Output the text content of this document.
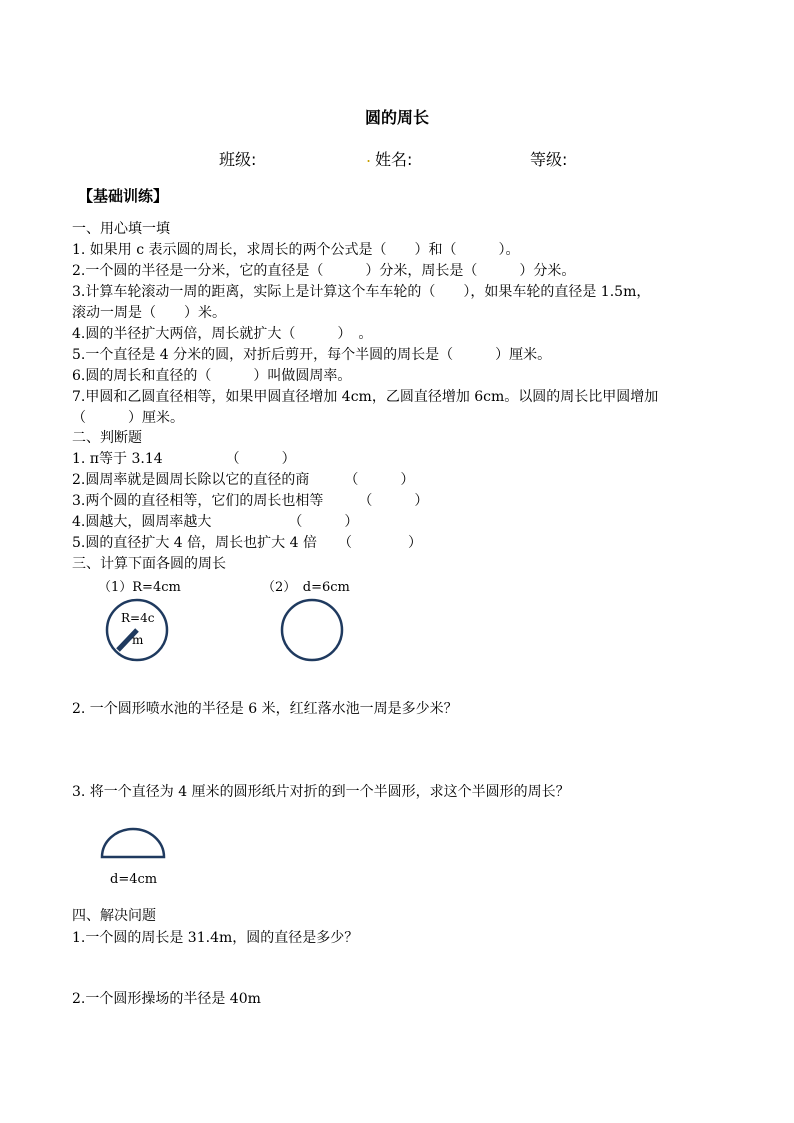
圆的周长
班级:	. 姓名:	等级:
【基础训练】
一、用心填一填
1. 如果用 c 表示圆的周长，求周长的两个公式是（　　）和（　　　）。
2.一个圆的半径是一分米，它的直径是（　　　）分米，周长是（　　　）分米。
3.计算车轮滚动一周的距离，实际上是计算这个车车轮的（　　），如果车轮的直径是 1.5m，
滚动一周是（　　）米。
4.圆的半径扩大两倍，周长就扩大（　　　）　。
5.一个直径是 4 分米的圆，对折后剪开，每个半圆的周长是（　　　）厘米。
6.圆的周长和直径的（　　　）叫做圆周率。
7.甲圆和乙圆直径相等，如果甲圆直径增加 4cm，乙圆直径增加 6cm。以圆的周长比甲圆增加
（　　　）厘米。
二、判断题
1. π等于 3.14　　　　　（　　　）
2.圆周率就是圆周长除以它的直径的商　　　（　　　）
3.两个圆的直径相等，它们的周长也相等　　　（　　　）
4.圆越大，圆周率越大　　　　　　（　　　）
5.圆的直径扩大 4 倍，周长也扩大 4 倍　　（　　　　）
三、计算下面各圆的周长
（1）R=4cm	（2）　d=6cm
R=4c
m
2. 一个圆形喷水池的半径是 6 米，红红落水池一周是多少米？
3. 将一个直径为 4 厘米的圆形纸片对折的到一个半圆形，求这个半圆形的周长？
d=4cm
四、解决问题
1.一个圆的周长是 31.4m，圆的直径是多少？
2.一个圆形操场的半径是 40m
